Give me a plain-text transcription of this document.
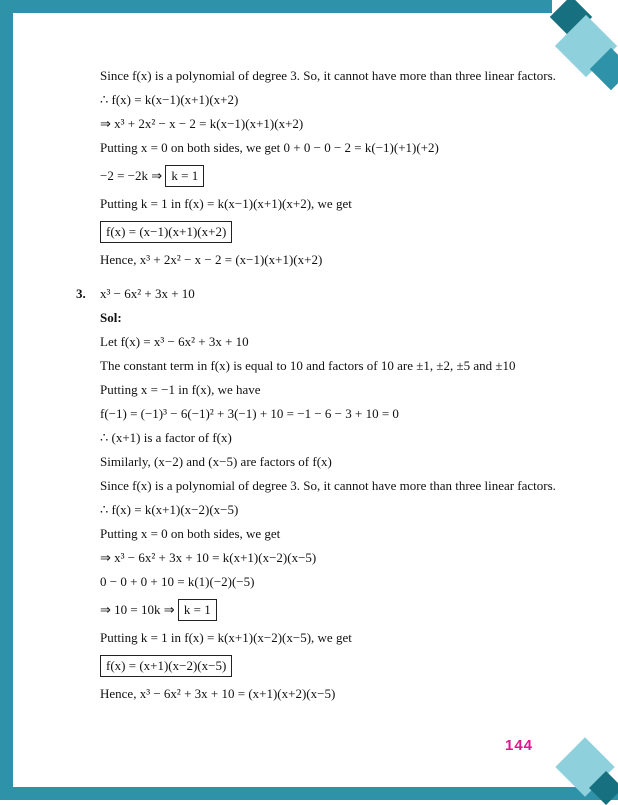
Since f(x) is a polynomial of degree 3. So, it cannot have more than three linear factors.
∴ f(x) = k(x−1)(x+1)(x+2)
⇒ x³ + 2x² − x − 2 = k(x−1)(x+1)(x+2)
Putting x = 0 on both sides, we get 0 + 0 − 0 − 2 = k(−1)(+1)(+2)
−2 = −2k ⇒ k = 1
Putting k = 1 in f(x) = k(x−1)(x+1)(x+2), we get
f(x) = (x−1)(x+1)(x+2)
Hence, x³ + 2x² − x − 2 = (x−1)(x+1)(x+2)
3. x³ − 6x² + 3x + 10
Sol:
Let f(x) = x³ − 6x² + 3x + 10
The constant term in f(x) is equal to 10 and factors of 10 are ±1, ±2, ±5 and ±10
Putting x = −1 in f(x), we have
f(−1) = (−1)³ − 6(−1)² + 3(−1) + 10 = −1 − 6 − 3 + 10 = 0
∴ (x+1) is a factor of f(x)
Similarly, (x−2) and (x−5) are factors of f(x)
Since f(x) is a polynomial of degree 3. So, it cannot have more than three linear factors.
∴ f(x) = k(x+1)(x−2)(x−5)
Putting x = 0 on both sides, we get
⇒ x³ − 6x² + 3x + 10 = k(x+1)(x−2)(x−5)
0 − 0 + 0 + 10 = k(1)(−2)(−5)
⇒ 10 = 10k ⇒ k = 1
Putting k = 1 in f(x) = k(x+1)(x−2)(x−5), we get
f(x) = (x+1)(x−2)(x−5)
Hence, x³ − 6x² + 3x + 10 = (x+1)(x+2)(x−5)
144
